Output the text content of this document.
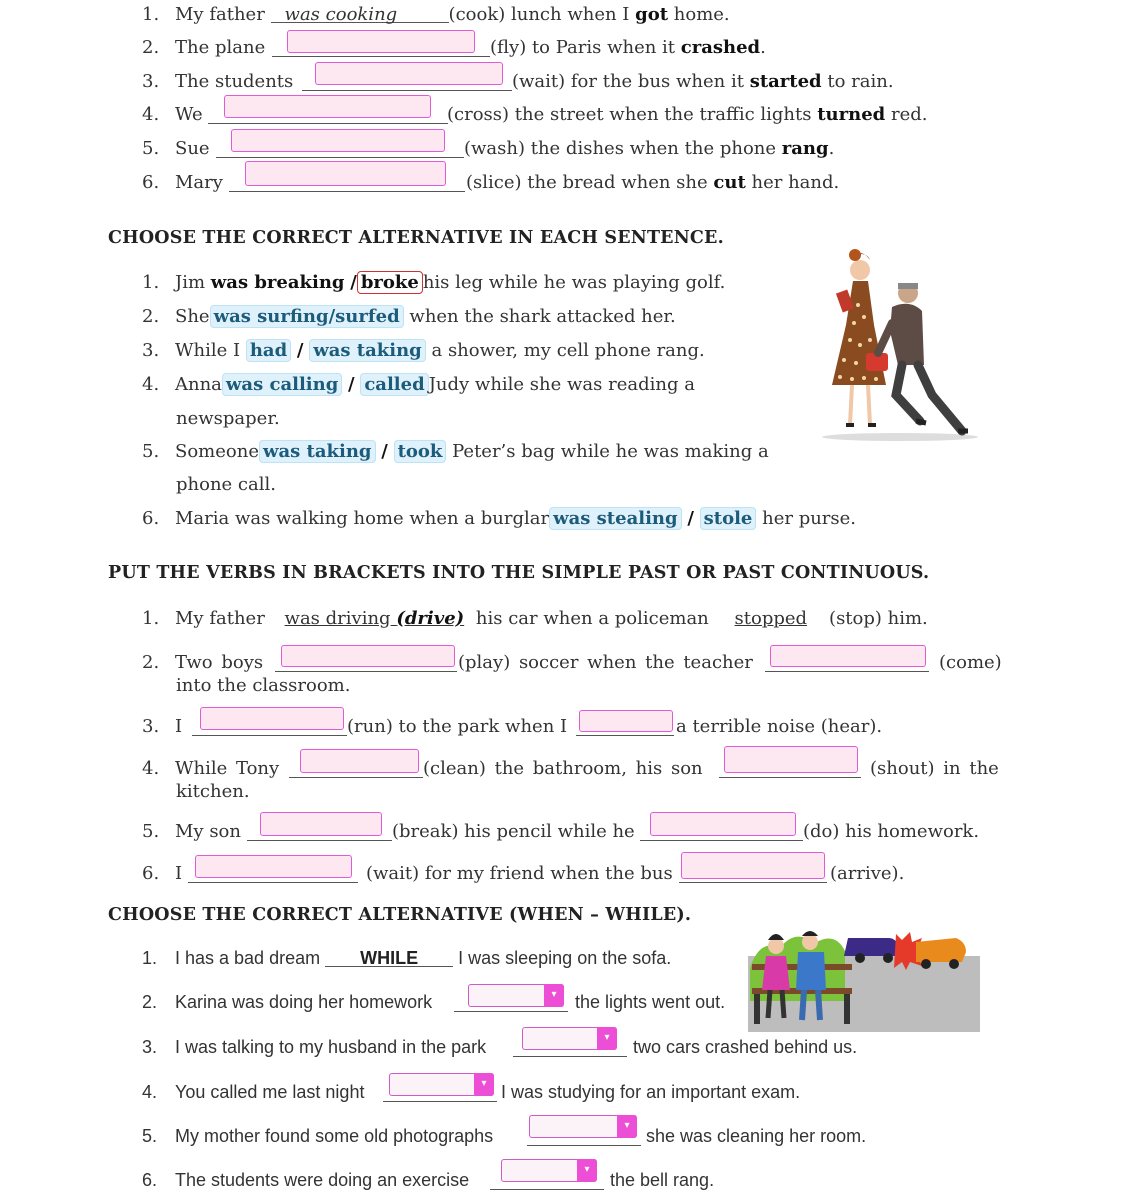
1. My father was cooking	(cook) lunch when I got home.
2. The plane	(fly) to Paris when it crashed.
3. The students	(wait) for the bus when it started to rain.
4. We	(cross) the street when the traffic lights turned red.
5. Sue	(wash) the dishes when the phone rang.
6. Mary	(slice) the bread when she cut her hand.
CHOOSE THE CORRECT ALTERNATIVE IN EACH SENTENCE.
1. Jim was breaking / broke his leg while he was playing golf.
2. She was surfing/surfed when the shark attacked her.
3. While I had / was taking a shower, my cell phone rang.
4. Anna was calling / called Judy while she was reading a
newspaper.
5. Someone was taking / took Peter’s bag while he was making a
phone call.
6. Maria was walking home when a burglar was stealing / stole her purse.
PUT THE VERBS IN BRACKETS INTO THE SIMPLE PAST OR PAST CONTINUOUS.
1. My father was driving (drive) his car when a policeman stopped (stop) him.
2. Two boys	(play) soccer when the teacher	(come)
into the classroom.
3. I	(run) to the park when I	a terrible noise (hear).
4. While Tony	(clean) the bathroom, his son	(shout) in the
kitchen.
5. My son	(break) his pencil while he	(do) his homework.
6. I	(wait) for my friend when the bus	(arrive).
CHOOSE THE CORRECT ALTERNATIVE (WHEN – WHILE).
1. I has a bad dream WHILE I was sleeping on the sofa.
2. Karina was doing her homework	▾	the lights went out.
3. I was talking to my husband in the park	▾	two cars crashed behind us.
4. You called me last night	▾ I was studying for an important exam.
5. My mother found some old photographs
▾
she was cleaning her room.
6. The students were doing an exercise
▾
the bell rang.
